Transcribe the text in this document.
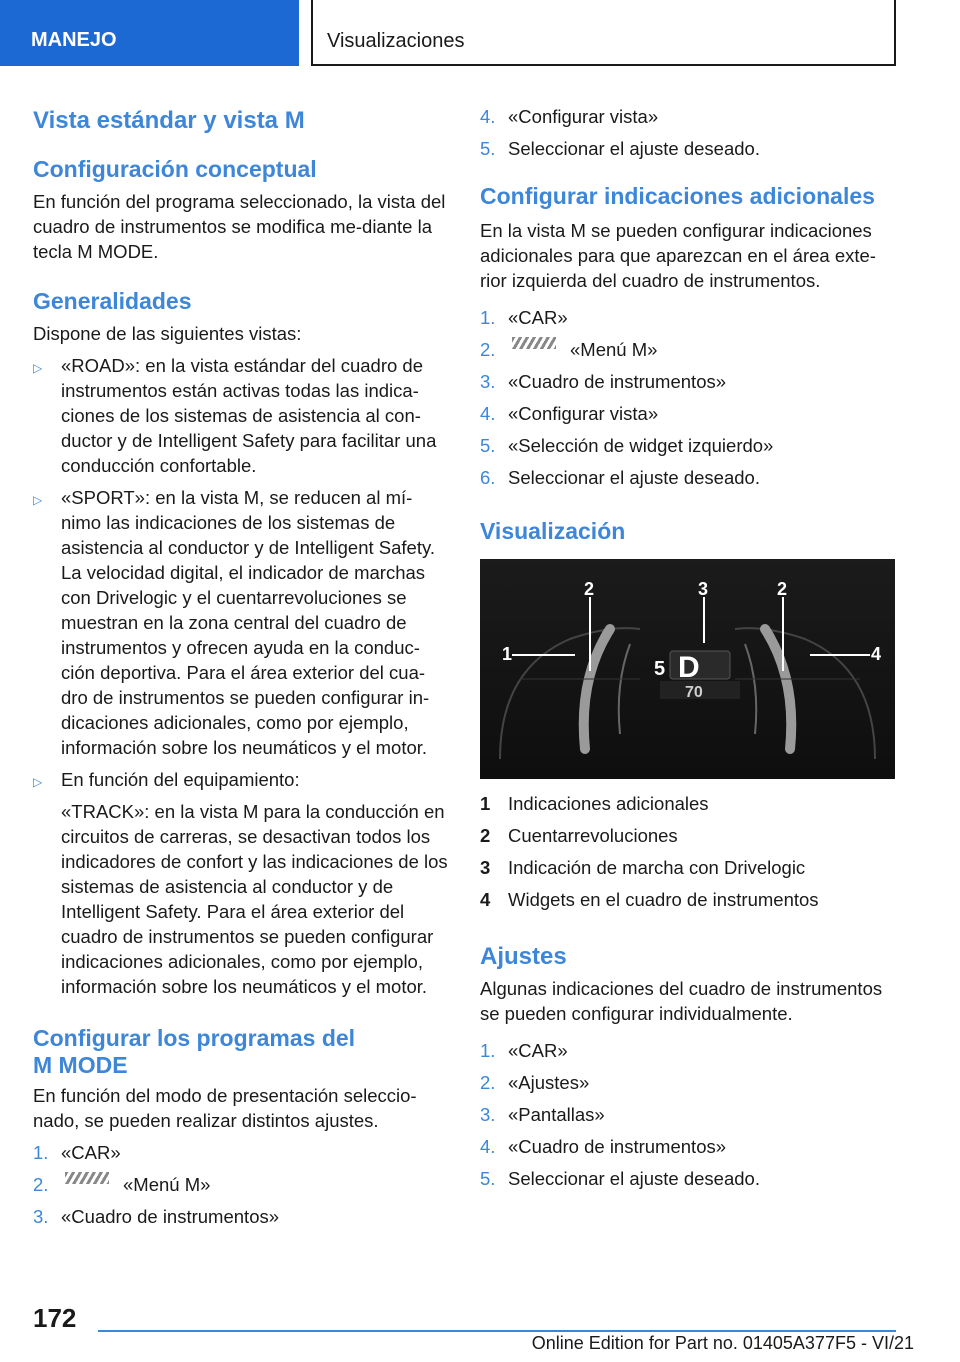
MANEJO	Visualizaciones
Vista estándar y vista M
Configuración conceptual

En función del programa seleccionado, la vista del cuadro de instrumentos se modifica me-diante la tecla M MODE.

Generalidades

Dispone de las siguientes vistas:

▷ «ROAD»: en la vista estándar del cuadro de instrumentos están activas todas las indica-ciones de los sistemas de asistencia al con-ductor y de Intelligent Safety para facilitar una conducción confortable.
▷ «SPORT»: en la vista M, se reducen al mí-nimo las indicaciones de los sistemas de asistencia al conductor y de Intelligent Safety. La velocidad digital, el indicador de marchas con Drivelogic y el cuentarrevoluciones se muestran en la zona central del cuadro de instrumentos y ofrecen ayuda en la conduc-ción deportiva. Para el área exterior del cua-dro de instrumentos se pueden configurar in-dicaciones adicionales, como por ejemplo, información sobre los neumáticos y el motor.
▷ En función del equipamiento:
«TRACK»: en la vista M para la conducción en circuitos de carreras, se desactivan todos los indicadores de confort y las indicaciones de los sistemas de asistencia al conductor y de Intelligent Safety. Para el área exterior del cuadro de instrumentos se pueden configurar indicaciones adicionales, como por ejemplo, información sobre los neumáticos y el motor.
Configurar los programas del
M MODE

En función del modo de presentación seleccio-nado, se pueden realizar distintos ajustes.

1. «CAR»
2.	«Menú M»
3. «Cuadro de instrumentos»
4. «Configurar vista»
5. Seleccionar el ajuste deseado.
Configurar indicaciones adicionales

En la vista M se pueden configurar indicaciones adicionales para que aparezcan en el área exte-rior izquierda del cuadro de instrumentos.

1. «CAR»
2.	«Menú M»
3. «Cuadro de instrumentos»
4. «Configurar vista»
5. «Selección de widget izquierdo»
6. Seleccionar el ajuste deseado.
Visualización
1
2	3	2
4
5 D
70
1 Indicaciones adicionales
2 Cuentarrevoluciones
3 Indicación de marcha con Drivelogic
4 Widgets en el cuadro de instrumentos
Ajustes

Algunas indicaciones del cuadro de instrumentos se pueden configurar individualmente.

1. «CAR»
2. «Ajustes»
3. «Pantallas»
4. «Cuadro de instrumentos»
5. Seleccionar el ajuste deseado.
172
Online Edition for Part no. 01405A377F5 - VI/21
